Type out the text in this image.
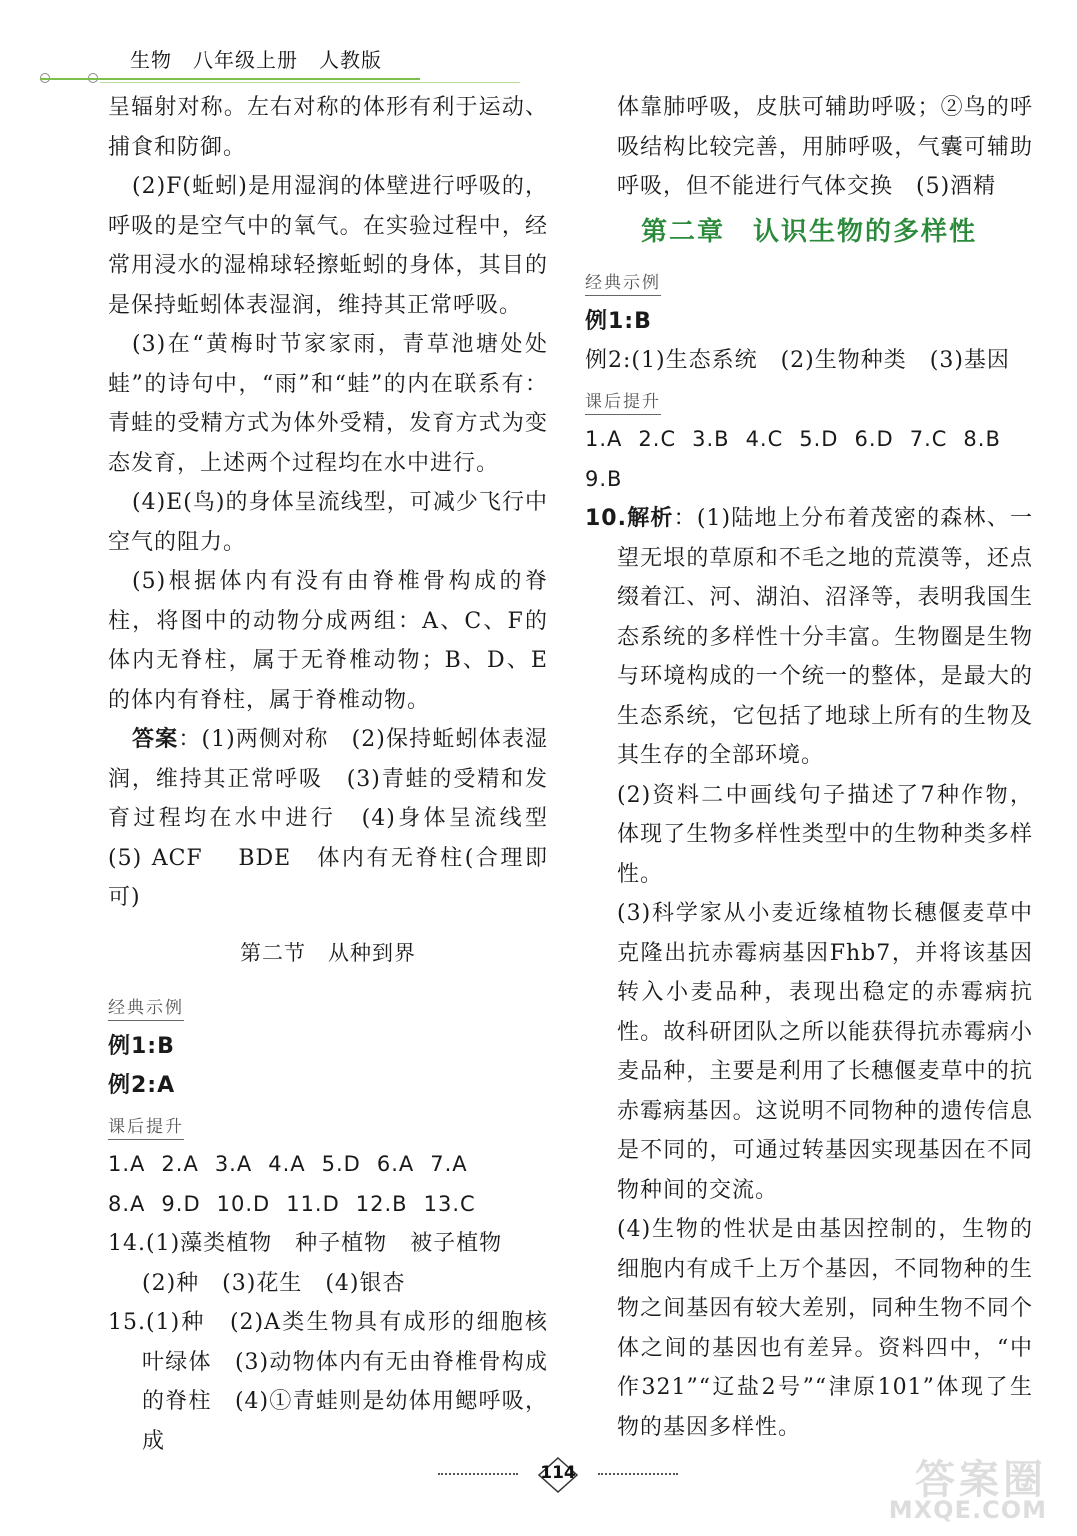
生物　八年级上册　人教版

呈辐射对称。左右对称的体形有利于运动、捕食和防御。

(2)F(蚯蚓)是用湿润的体壁进行呼吸的，呼吸的是空气中的氧气。在实验过程中，经常用浸水的湿棉球轻擦蚯蚓的身体，其目的是保持蚯蚓体表湿润，维持其正常呼吸。

(3)在“黄梅时节家家雨，青草池塘处处蛙”的诗句中，“雨”和“蛙”的内在联系有：青蛙的受精方式为体外受精，发育方式为变态发育，上述两个过程均在水中进行。

(4)E(鸟)的身体呈流线型，可减少飞行中空气的阻力。

(5)根据体内有没有由脊椎骨构成的脊柱，将图中的动物分成两组：A、C、F的体内无脊柱，属于无脊椎动物；B、D、E的体内有脊柱，属于脊椎动物。

答案：(1)两侧对称　(2)保持蚯蚓体表湿润，维持其正常呼吸　(3)青蛙的受精和发育过程均在水中进行　(4)身体呈流线型　(5) ACF　 BDE　体内有无脊柱(合理即可)

第二节　从种到界
经典示例

例1:B

例2:A

课后提升

1.A 2.A 3.A 4.A 5.D 6.A 7.A

8.A 9.D 10.D 11.D 12.B 13.C

14.(1)藻类植物　种子植物　被子植物

(2)种　(3)花生　(4)银杏

15.(1)种　(2)A类生物具有成形的细胞核叶绿体　(3)动物体内有无由脊椎骨构成的脊柱　(4)①青蛙则是幼体用鳃呼吸，成

体靠肺呼吸，皮肤可辅助呼吸；②鸟的呼吸结构比较完善，用肺呼吸，气囊可辅助呼吸，但不能进行气体交换　(5)酒精

第二章　认识生物的多样性
经典示例

例1:B

例2:(1)生态系统　(2)生物种类　(3)基因

课后提升

1.A 2.C 3.B 4.C 5.D 6.D 7.C 8.B

9.B

10.解析：(1)陆地上分布着茂密的森林、一望无垠的草原和不毛之地的荒漠等，还点缀着江、河、湖泊、沼泽等，表明我国生态系统的多样性十分丰富。生物圈是生物与环境构成的一个统一的整体，是最大的生态系统，它包括了地球上所有的生物及其生存的全部环境。

(2)资料二中画线句子描述了7种作物，体现了生物多样性类型中的生物种类多样性。

(3)科学家从小麦近缘植物长穗偃麦草中克隆出抗赤霉病基因Fhb7，并将该基因转入小麦品种，表现出稳定的赤霉病抗性。故科研团队之所以能获得抗赤霉病小麦品种，主要是利用了长穗偃麦草中的抗赤霉病基因。这说明不同物种的遗传信息是不同的，可通过转基因实现基因在不同物种间的交流。

(4)生物的性状是由基因控制的，生物的细胞内有成千上万个基因，不同物种的生物之间基因有较大差别，同种生物不同个体之间的基因也有差异。资料四中，“中作321”“辽盐2号”“津原101”体现了生物的基因多样性。

114	答案圈
MXQE.COM
